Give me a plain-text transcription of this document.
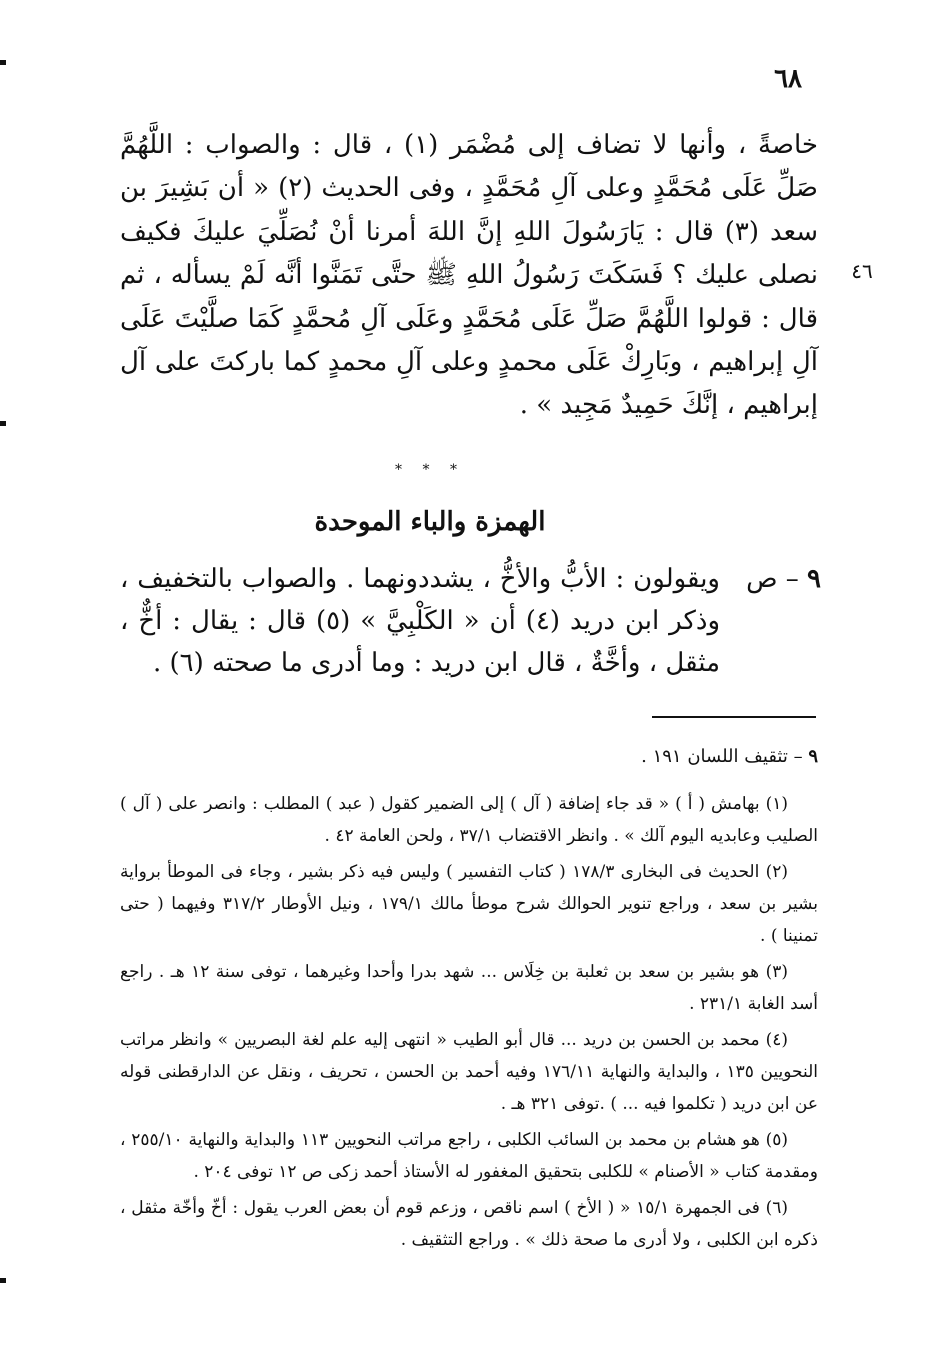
٦٨
٤٦

خاصةً ، وأنها لا تضاف إلى مُضْمَر (١) ، قال : والصواب : اللَّهُمَّ صَلِّ عَلَى مُحَمَّدٍ وعلى آلِ مُحَمَّدٍ ، وفى الحديث (٢) « أن بَشِيرَ بن سعد (٣) قال : يَارَسُولَ اللهِ إنَّ اللهَ أمرنا أنْ نُصَلِّيَ عليكَ فكيف نصلى عليك ؟ فَسَكَتَ رَسُولُ اللهِ ﷺ حتَّى تَمَنَّوا أنَّه لَمْ يسأله ، ثم قال : قولوا اللَّهُمَّ صَلِّ عَلَى مُحَمَّدٍ وعَلَى آلِ مُحمَّدٍ كَمَا صلَّيْتَ عَلَى آلِ إبراهيم ، وبَارِكْ عَلَى محمدٍ وعلى آلِ محمدٍ كما باركتَ على آل إبراهيم ، إنَّكَ حَمِيدٌ مَجِيد » .

* * *
الهمزة والباء الموحدة
٩ – ص

ويقولون : الأبُّ والأخُّ ، يشددونهما . والصواب بالتخفيف ، وذكر ابن دريد (٤) أن « الكَلْبِيَّ » (٥) قال : يقال : أخٌّ ، مثقل ، وأخَّةٌ ، قال ابن دريد : وما أدرى ما صحته (٦) .

٩ – تثقيف اللسان ١٩١ .

(١) بهامش ( أ ) « قد جاء إضافة ( آل ) إلى الضمير كقول ( عبد ) المطلب : وانصر على ( آل ) الصليب وعابديه اليوم آلك » . وانظر الاقتضاب ٣٧/١ ، ولحن العامة ٤٢ .
(٢) الحديث فى البخارى ١٧٨/٣ ( كتاب التفسير ) وليس فيه ذكر بشير ، وجاء فى الموطأ برواية بشير بن سعد ، وراجع تنوير الحوالك شرح موطأ مالك ١٧٩/١ ، ونيل الأوطار ٣١٧/٢ وفيهما ( حتى تمنينا ) .
(٣) هو بشير بن سعد بن ثعلبة بن خِلَاس ... شهد بدرا وأحدا وغيرهما ، توفى سنة ١٢ هـ . راجع أسد الغابة ٢٣١/١ .
(٤) محمد بن الحسن بن دريد ... قال أبو الطيب « انتهى إليه علم لغة البصريين » وانظر مراتب النحويين ١٣٥ ، والبداية والنهاية ١٧٦/١١ وفيه أحمد بن الحسن ، تحريف ، ونقل عن الدارقطنى قوله عن ابن دريد ( تكلموا فيه ... ) .توفى ٣٢١ هـ .
(٥) هو هشام بن محمد بن السائب الكلبى ، راجع مراتب النحويين ١١٣ والبداية والنهاية ٢٥٥/١٠ ، ومقدمة كتاب « الأصنام » للكلبى بتحقيق المغفور له الأستاذ أحمد زكى ص ١٢ توفى ٢٠٤ .
(٦) فى الجمهرة ١٥/١ « ( الأخ ) اسم ناقص ، وزعم قوم أن بعض العرب يقول : أخّ وأخّة مثقل ، ذكره ابن الكلبى ، ولا أدرى ما صحة ذلك » . وراجع التثقيف .
